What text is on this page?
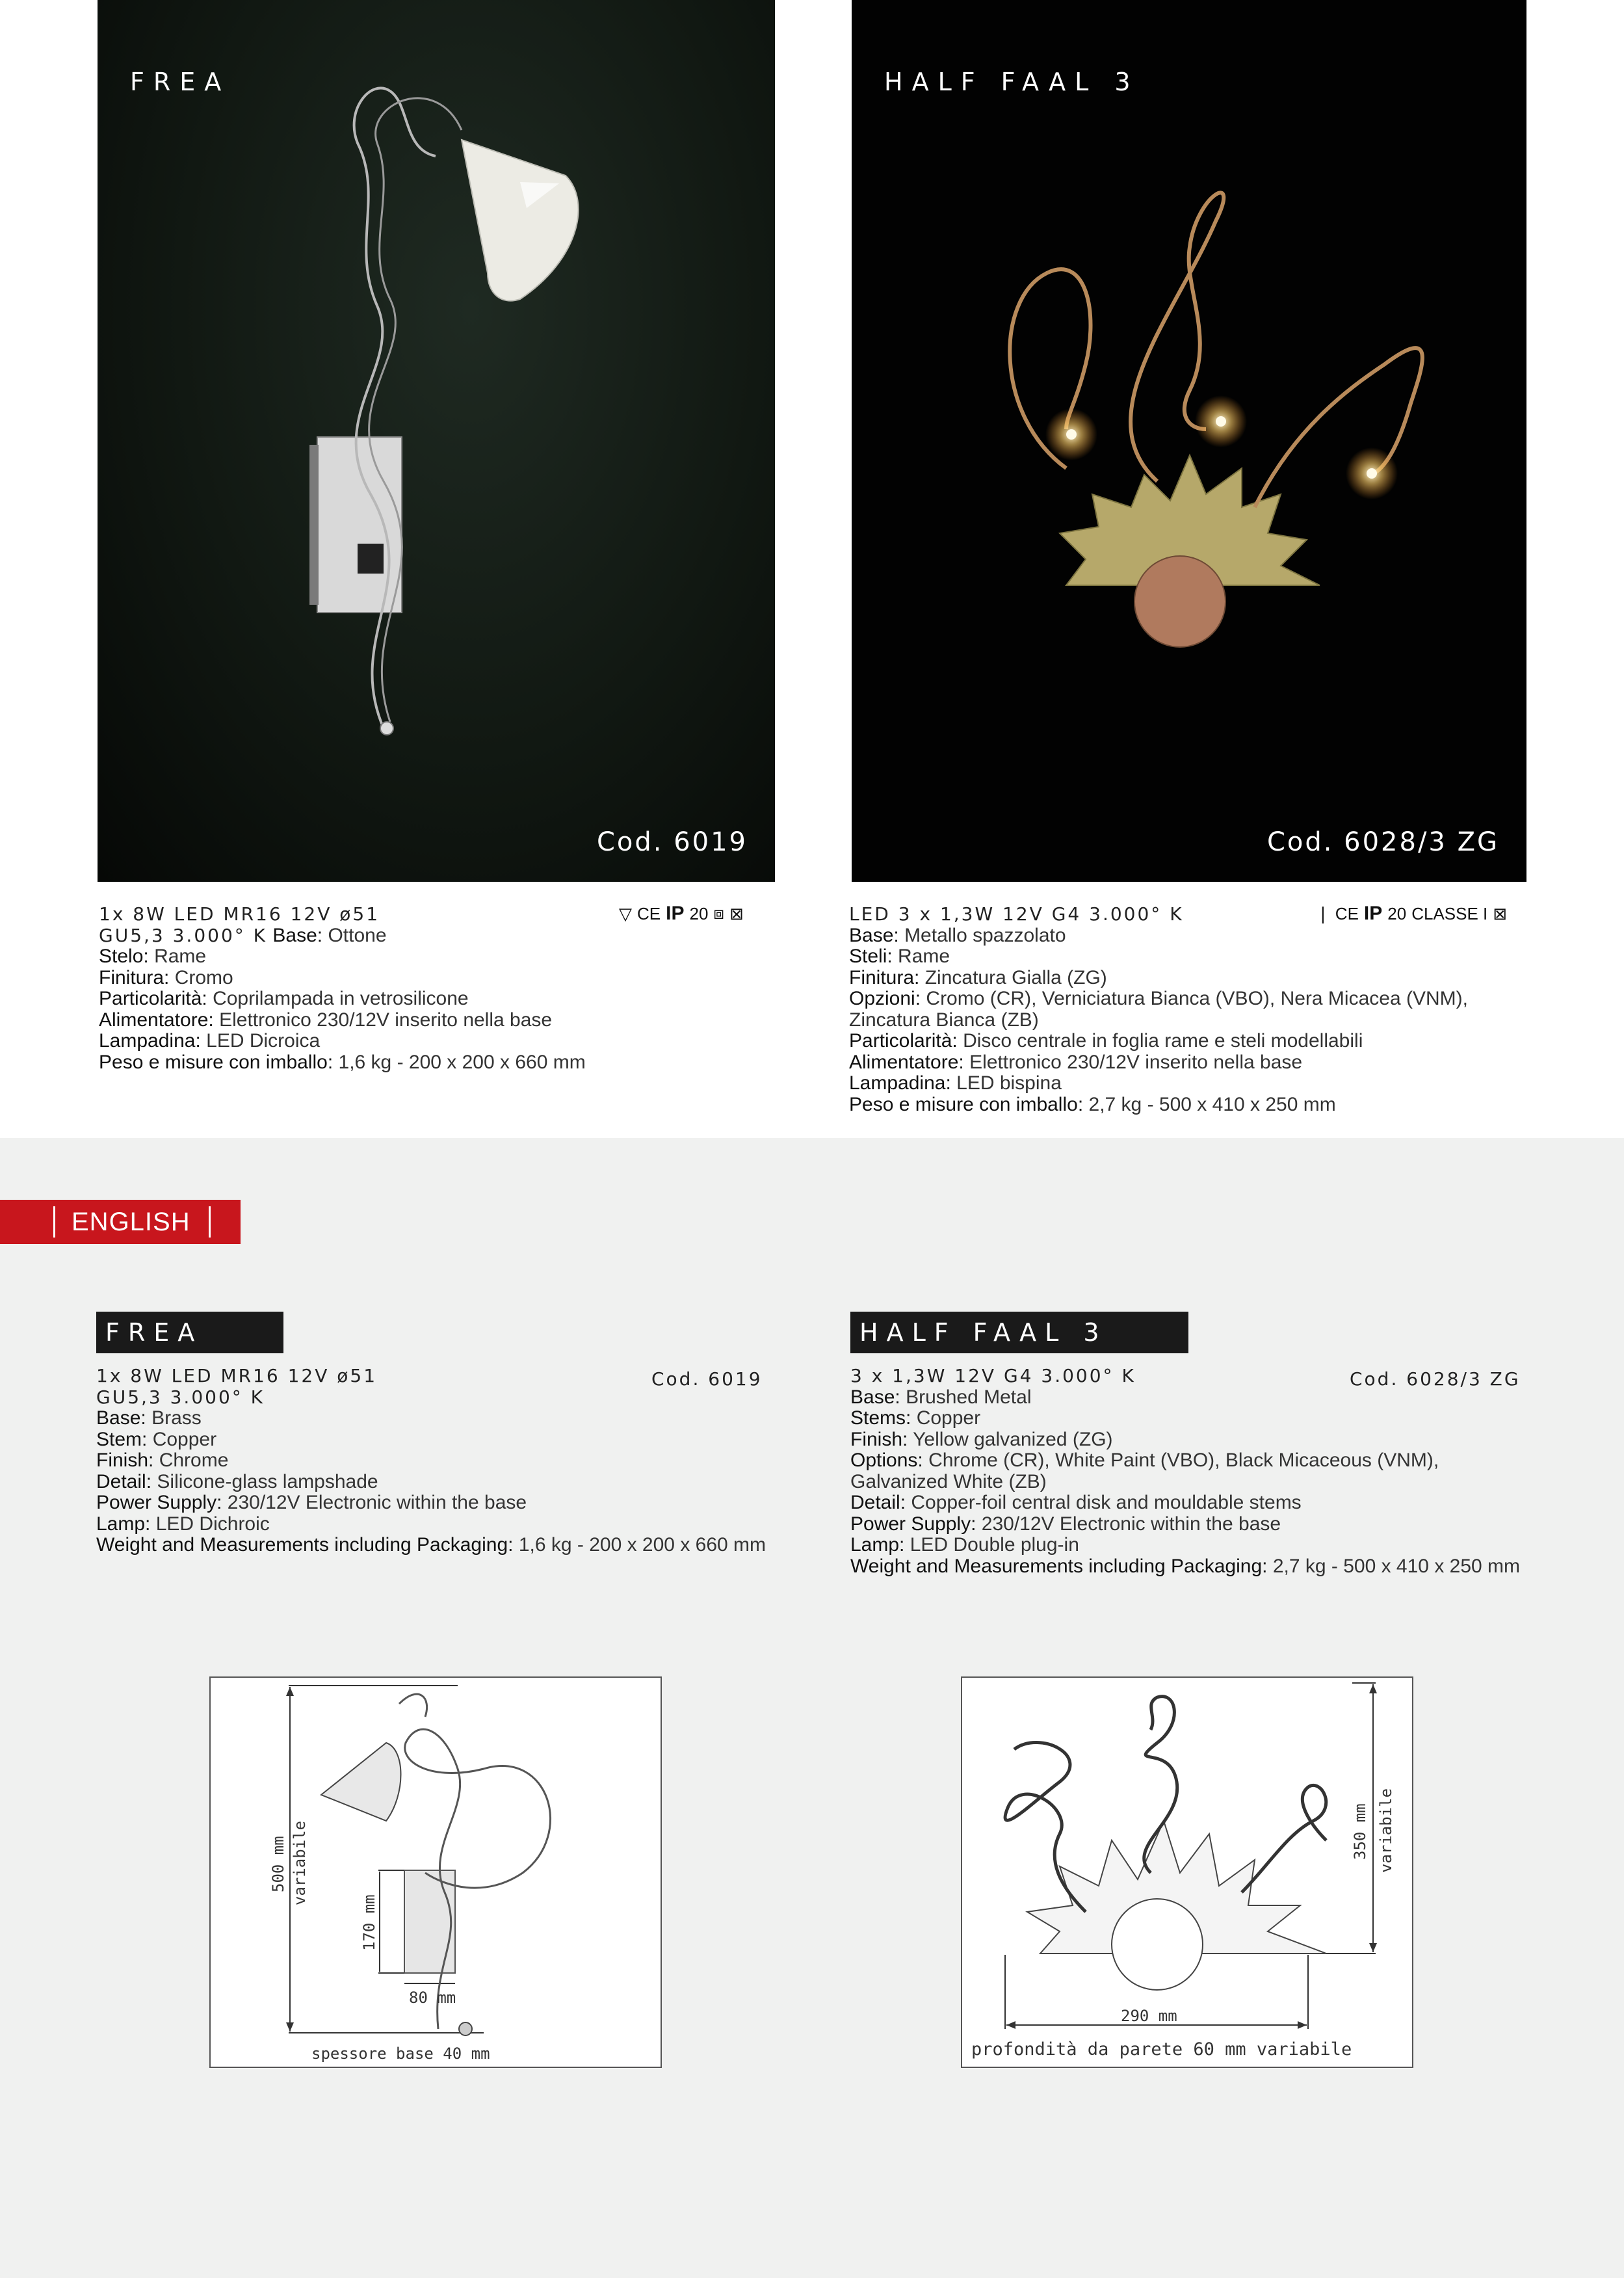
FREA
Cod. 6019
HALF FAAL 3
Cod. 6028/3 ZG
1x 8W LED MR16 12V ø51
GU5,3 3.000° K Base: Ottone
Stelo: Rame
Finitura: Cromo
Particolarità: Coprilampada in vetrosilicone
Alimentatore: Elettronico 230/12V inserito nella base
Lampadina: LED Dicroica
Peso e misure con imballo: 1,6 kg - 200 x 200 x 660 mm
▽ CE IP 20 ⧈ ⊠	LED 3 x 1,3W 12V G4 3.000° K
Base: Metallo spazzolato
Steli: Rame
Finitura: Zincatura Gialla (ZG)
Opzioni: Cromo (CR), Verniciatura Bianca (VBO), Nera Micacea (VNM),
Zincatura Bianca (ZB)
Particolarità: Disco centrale in foglia rame e steli modellabili
Alimentatore: Elettronico 230/12V inserito nella base
Lampadina: LED bispina
Peso e misure con imballo: 2,7 kg - 500 x 410 x 250 mm
❘ CE IP 20 CLASSE I ⊠
ENGLISH
FREA
Cod. 6019
1x 8W LED MR16 12V ø51
GU5,3 3.000° K
Base: Brass
Stem: Copper
Finish: Chrome
Detail: Silicone-glass lampshade
Power Supply: 230/12V Electronic within the base
Lamp: LED Dichroic
Weight and Measurements including Packaging: 1,6 kg - 200 x 200 x 660 mm
HALF FAAL 3
Cod. 6028/3 ZG
3 x 1,3W 12V G4 3.000° K
Base: Brushed Metal
Stems: Copper
Finish: Yellow galvanized (ZG)
Options: Chrome (CR), White Paint (VBO), Black Micaceous (VNM),
Galvanized White (ZB)
Detail: Copper-foil central disk and mouldable stems
Power Supply: 230/12V Electronic within the base
Lamp: LED Double plug-in
Weight and Measurements including Packaging: 2,7 kg - 500 x 410 x 250 mm
500 mm variabile
170 mm
80 mm
spessore base 40 mm
350 mm variabile
290 mm
profondità da parete 60 mm variabile
